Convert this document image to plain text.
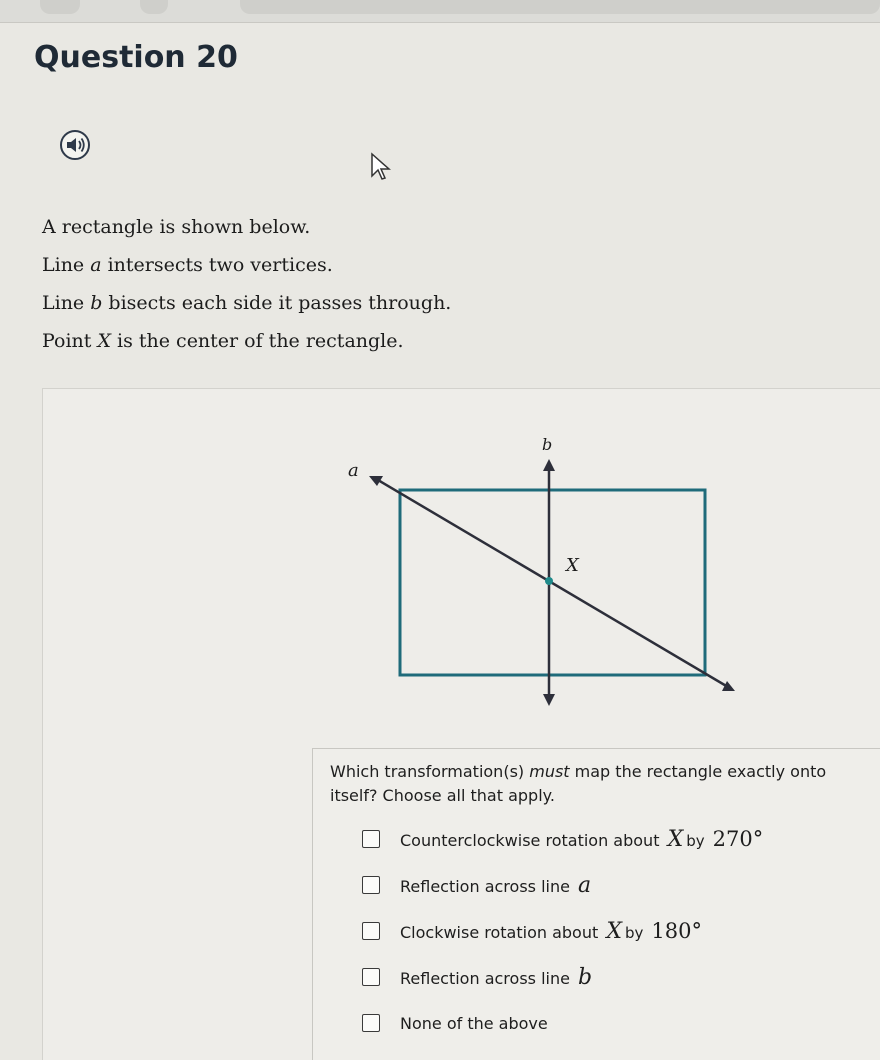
Question 20
A rectangle is shown below.
Line a intersects two vertices.
Line b bisects each side it passes through.
Point X is the center of the rectangle.
b
a
X
Which transformation(s) must map the rectangle exactly onto itself? Choose all that apply.
Counterclockwise rotation about X by 270°
Reflection across line a
Clockwise rotation about X by 180°
Reflection across line b
None of the above
